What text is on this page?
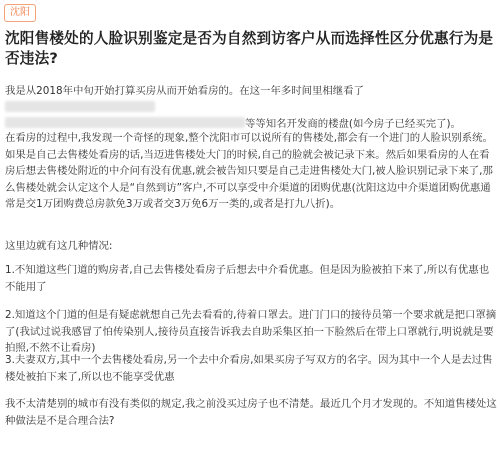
沈阳
沈阳售楼处的人脸识别鉴定是否为自然到访客户从而选择性区分优惠行为是否违法?

我是从2018年中旬开始打算买房从而开始看房的。在这一年多时间里相继看了
等等知名开发商的楼盘(如今房子已经买完了)。

在看房的过程中,我发现一个奇怪的现象,整个沈阳市可以说所有的售楼处,都会有一个进门的人脸识别系统。如果是自己去售楼处看房的话,当迈进售楼处大门的时候,自己的脸就会被记录下来。然后如果看房的人在看房后想去售楼处附近的中介问有没有优惠,就会被告知只要是自己走进售楼处大门,被人脸识别记录下来了,那么售楼处就会认定这个人是“自然到访”客户,不可以享受中介渠道的团购优惠(沈阳这边中介渠道团购优惠通常是交1万团购费总房款免3万或者交3万免6万一类的,或者是打九八折)。

这里边就有这几种情况:

1.不知道这些门道的购房者,自己去售楼处看房子后想去中介看优惠。但是因为脸被拍下来了,所以有优惠也不能用了

2.知道这个门道的但是有疑虑就想自己先去看看的,待着口罩去。进门门口的接待员第一个要求就是把口罩摘了(我试过说我感冒了怕传染别人,接待员直接告诉我去自助采集区拍一下脸然后在带上口罩就行,明说就是要拍照,不然不让看房)

3.夫妻双方,其中一个去售楼处看房,另一个去中介看房,如果买房子写双方的名字。因为其中一个人是去过售楼处被拍下来了,所以也不能享受优惠

我不太清楚别的城市有没有类似的规定,我之前没买过房子也不清楚。最近几个月才发现的。不知道售楼处这种做法是不是合理合法?
